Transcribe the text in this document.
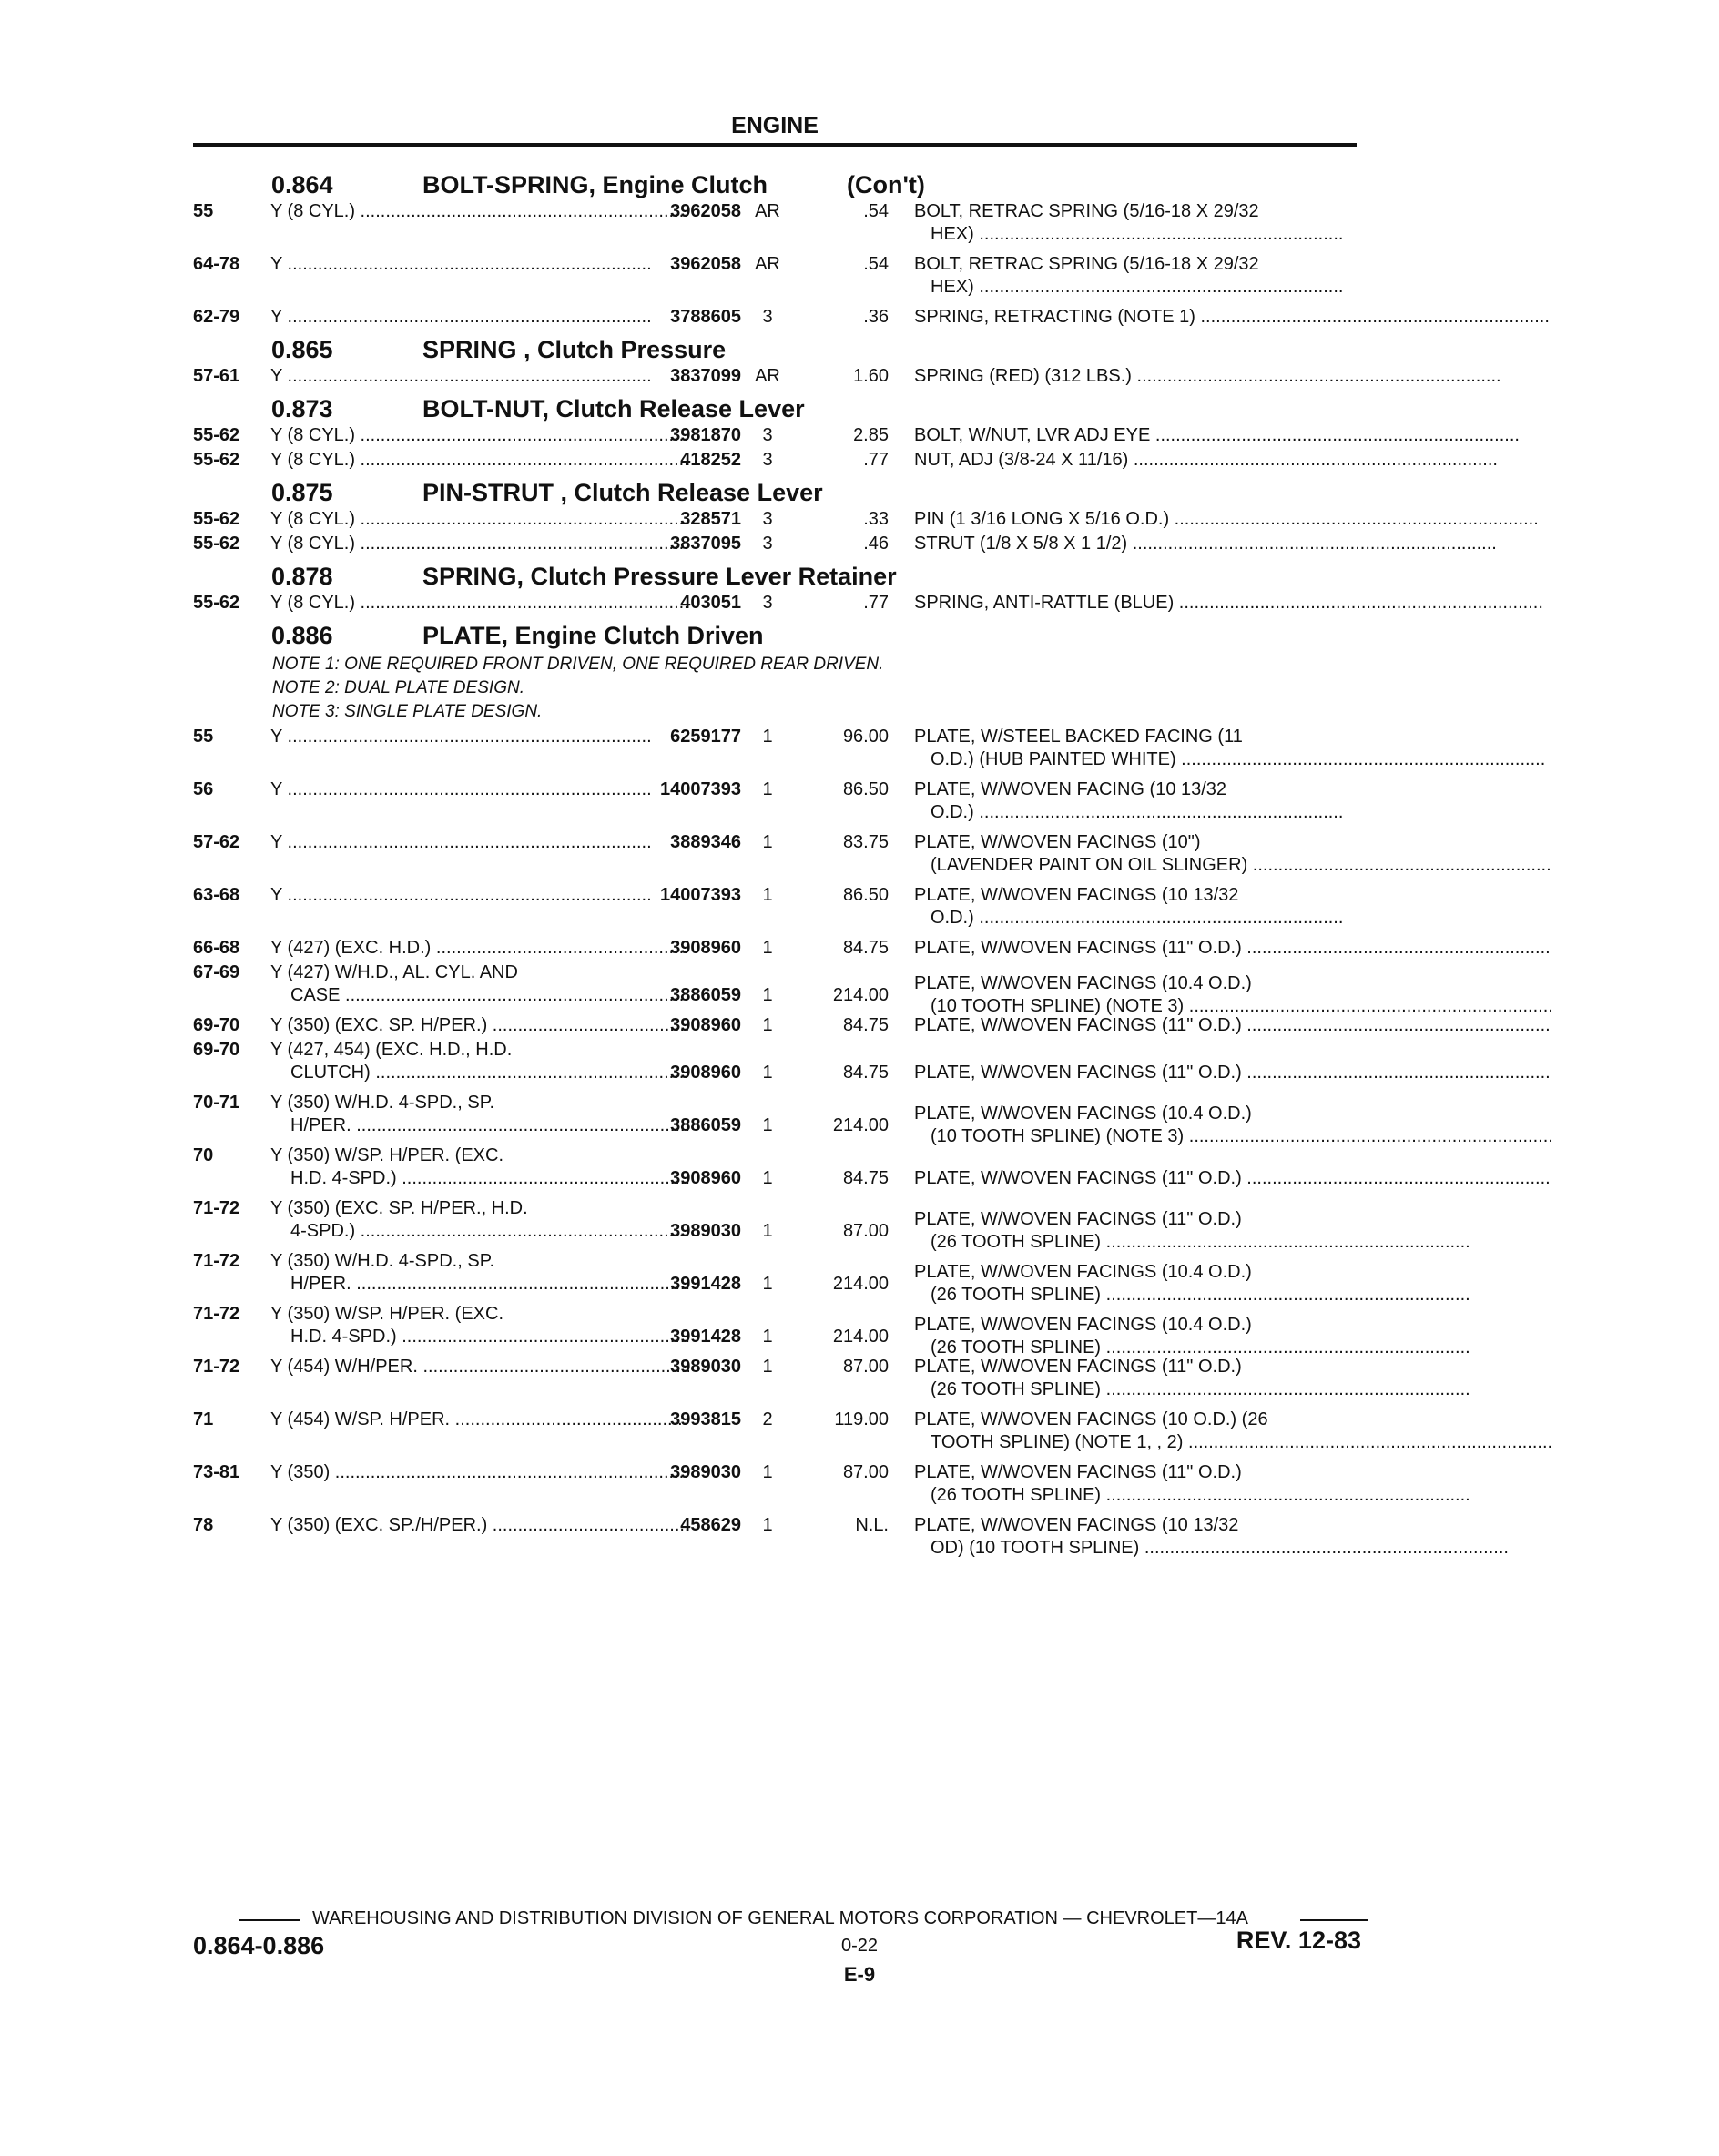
ENGINE
0.864	BOLT-SPRING, Engine Clutch	(Con't)
55	Y (8 CYL.) .....	3962058 AR	.54 BOLT, RETRAC SPRING (5/16-18 X 29/32
HEX) .....
64-78 Y .....	3962058 AR	.54 BOLT, RETRAC SPRING (5/16-18 X 29/32
HEX) .....
62-79 Y .....	3788605	3	.36 SPRING, RETRACTING (NOTE 1) .....
0.865	SPRING , Clutch Pressure
57-61 Y .....	3837099 AR	1.60 SPRING (RED) (312 LBS.) .....
0.873	BOLT-NUT, Clutch Release Lever
55-62 Y (8 CYL.) .....	3981870	3	2.85 BOLT, W/NUT, LVR ADJ EYE .....
55-62 Y (8 CYL.) .....	418252	3	.77 NUT, ADJ (3/8-24 X 11/16) .....
0.875	PIN-STRUT , Clutch Release Lever
55-62 Y (8 CYL.) .....	328571	3	.33 PIN (1 3/16 LONG X 5/16 O.D.) .....
55-62 Y (8 CYL.) .....	3837095	3	.46 STRUT (1/8 X 5/8 X 1 1/2) .....
0.878	SPRING, Clutch Pressure Lever Retainer
55-62 Y (8 CYL.) .....	403051	3	.77 SPRING, ANTI-RATTLE (BLUE) .....
0.886	PLATE, Engine Clutch Driven
NOTE 1: ONE REQUIRED FRONT DRIVEN, ONE REQUIRED REAR DRIVEN.
NOTE 2: DUAL PLATE DESIGN.
NOTE 3: SINGLE PLATE DESIGN.
55	Y .....	6259177	1	96.00 PLATE, W/STEEL BACKED FACING (11
O.D.) (HUB PAINTED WHITE) .....
56	Y .....	14007393	1	86.50 PLATE, W/WOVEN FACING (10 13/32
O.D.) .....
57-62 Y .....	3889346	1	83.75 PLATE, W/WOVEN FACINGS (10")
(LAVENDER PAINT ON OIL SLINGER) .....
63-68 Y .....	14007393	1	86.50 PLATE, W/WOVEN FACINGS (10 13/32
O.D.) .....
66-68 Y (427) (EXC. H.D.) .....	3908960	1	84.75 PLATE, W/WOVEN FACINGS (11" O.D.) .....
67-69 Y (427) W/H.D., AL. CYL. AND
CASE .....	3886059	1	214.00
PLATE, W/WOVEN FACINGS (10.4 O.D.)
(10 TOOTH SPLINE) (NOTE 3) .....
69-70 Y (350) (EXC. SP. H/PER.) .....	3908960	1	84.75 PLATE, W/WOVEN FACINGS (11" O.D.) .....
69-70 Y (427, 454) (EXC. H.D., H.D.
CLUTCH) .....	3908960	1	84.75 PLATE, W/WOVEN FACINGS (11" O.D.) .....
70-71 Y (350) W/H.D. 4-SPD., SP.
H/PER. .....	3886059	1	214.00
PLATE, W/WOVEN FACINGS (10.4 O.D.)
(10 TOOTH SPLINE) (NOTE 3) .....
70	Y (350) W/SP. H/PER. (EXC.
H.D. 4-SPD.) .....	3908960	1	84.75 PLATE, W/WOVEN FACINGS (11" O.D.) .....
71-72 Y (350) (EXC. SP. H/PER., H.D.
4-SPD.) .....	3989030	1	87.00
PLATE, W/WOVEN FACINGS (11" O.D.)
(26 TOOTH SPLINE) .....
71-72 Y (350) W/H.D. 4-SPD., SP.
H/PER. .....	3991428	1	214.00
PLATE, W/WOVEN FACINGS (10.4 O.D.)
(26 TOOTH SPLINE) .....
71-72 Y (350) W/SP. H/PER. (EXC.
H.D. 4-SPD.) .....	3991428	1	214.00
PLATE, W/WOVEN FACINGS (10.4 O.D.)
(26 TOOTH SPLINE) .....
71-72 Y (454) W/H/PER. .....	3989030	1	87.00 PLATE, W/WOVEN FACINGS (11" O.D.)
(26 TOOTH SPLINE) .....
71	Y (454) W/SP. H/PER. .....	3993815	2	119.00 PLATE, W/WOVEN FACINGS (10 O.D.) (26
TOOTH SPLINE) (NOTE 1, , 2) .....
73-81 Y (350) .....	3989030	1	87.00 PLATE, W/WOVEN FACINGS (11" O.D.)
(26 TOOTH SPLINE) .....
78	Y (350) (EXC. SP./H/PER.) .....	458629	1	N.L. PLATE, W/WOVEN FACINGS (10 13/32
OD) (10 TOOTH SPLINE) .....
WAREHOUSING AND DISTRIBUTION DIVISION OF GENERAL MOTORS CORPORATION — CHEVROLET—14A
0.864-0.886	0-22	REV. 12-83
E-9
